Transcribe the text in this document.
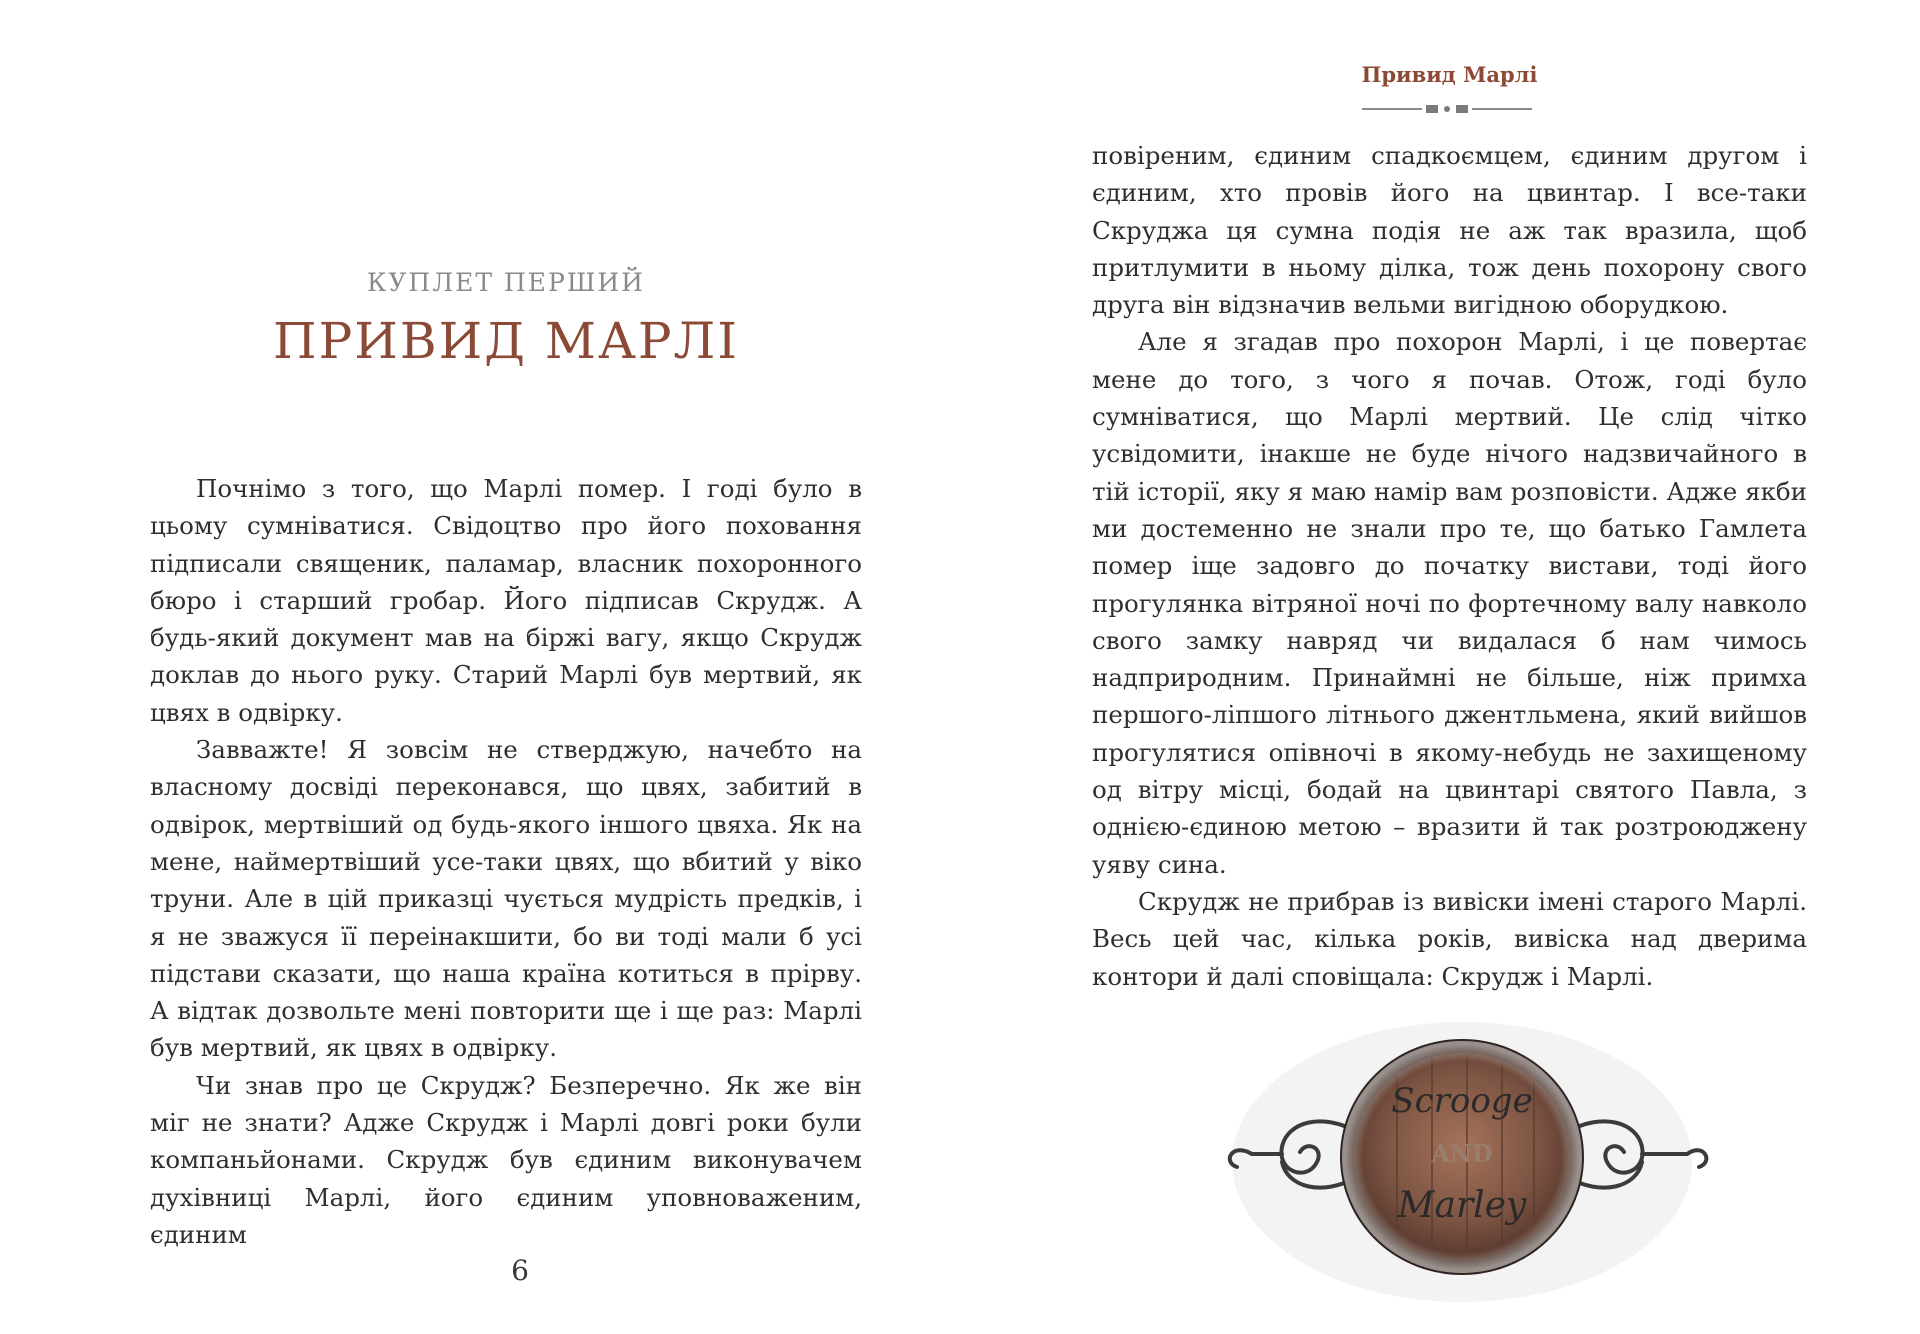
КУПЛЕТ ПЕРШИЙ
ПРИВИД МАРЛІ

Почнімо з того, що Марлі помер. І годі було в цьому сумніватися. Свідоцтво про його поховання підписали священик, паламар, власник похоронного бюро і старший гробар. Його підписав Скрудж. А будь-який документ мав на біржі вагу, якщо Скрудж доклав до нього руку. Старий Марлі був мертвий, як цвях в одвірку.

Завважте! Я зовсім не стверджую, начебто на власному досвіді переконався, що цвях, забитий в одвірок, мертвіший од будь-якого іншого цвяха. Як на мене, наймертвіший усе-таки цвях, що вбитий у віко труни. Але в цій приказці чується мудрість предків, і я не зважуся її переінакшити, бо ви тоді мали б усі підстави сказати, що наша країна котиться в прірву. А відтак дозвольте мені повторити ще і ще раз: Марлі був мертвий, як цвях в одвірку.

Чи знав про це Скрудж? Безперечно. Як же він міг не знати? Адже Скрудж і Марлі довгі роки були компаньйонами. Скрудж був єдиним виконувачем духівниці Марлі, його єдиним уповноваженим, єдиним

6
Привид Марлі

повіреним, єдиним спадкоємцем, єдиним другом і єдиним, хто провів його на цвинтар. І все-таки Скруджа ця сумна подія не аж так вразила, щоб притлумити в ньому ділка, тож день похорону свого друга він відзначив вельми вигідною оборудкою.

Але я згадав про похорон Марлі, і це повертає мене до того, з чого я почав. Отож, годі було сумніватися, що Марлі мертвий. Це слід чітко усвідомити, інакше не буде нічого надзвичайного в тій історії, яку я маю намір вам розповісти. Адже якби ми достеменно не знали про те, що батько Гамлета помер іще задовго до початку вистави, тоді його прогулянка вітряної ночі по фортечному валу навколо свого замку навряд чи видалася б нам чимось надприродним. Принаймні не більше, ніж примха першого-ліпшого літнього джентльмена, який вийшов прогулятися опівночі в якому-небудь не захищеному од вітру місці, бодай на цвинтарі святого Павла, з однією-єдиною метою – вразити й так розтроюджену уяву сина.

Скрудж не прибрав із вивіски імені старого Марлі. Весь цей час, кілька років, вивіска над дверима контори й далі сповіщала: Скрудж і Марлі.

Scrooge
AND
Marley
